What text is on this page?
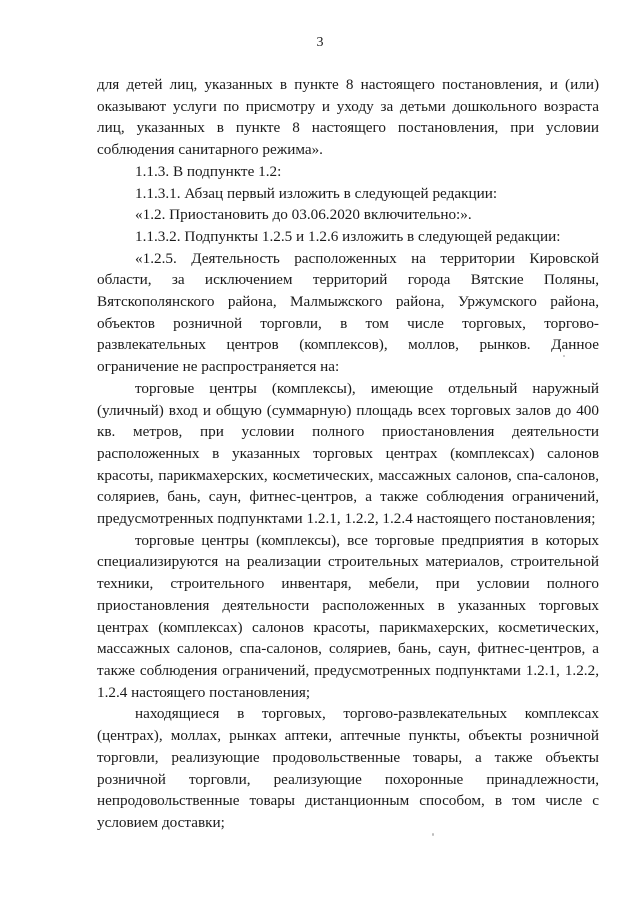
3

для детей лиц, указанных в пункте 8 настоящего постановления, и (или) оказывают услуги по присмотру и уходу за детьми дошкольного возраста лиц, указанных в пункте 8 настоящего постановления, при условии соблюдения санитарного режима».

1.1.3. В подпункте 1.2:

1.1.3.1. Абзац первый изложить в следующей редакции:

«1.2. Приостановить до 03.06.2020 включительно:».

1.1.3.2. Подпункты 1.2.5 и 1.2.6 изложить в следующей редакции:

«1.2.5. Деятельность расположенных на территории Кировской области, за исключением территорий города Вятские Поляны, Вятскополянского района, Малмыжского района, Уржумского района, объектов розничной торговли, в том числе торговых, торгово-развлекательных центров (комплексов), моллов, рынков. Данное ограничение не распространяется на:

торговые центры (комплексы), имеющие отдельный наружный (уличный) вход и общую (суммарную) площадь всех торговых залов до 400 кв. метров, при условии полного приостановления деятельности расположенных в указанных торговых центрах (комплексах) салонов красоты, парикмахерских, косметических, массажных салонов, спа-салонов, соляриев, бань, саун, фитнес-центров, а также соблюдения ограничений, предусмотренных подпунктами 1.2.1, 1.2.2, 1.2.4 настоящего постановления;

торговые центры (комплексы), все торговые предприятия в которых специализируются на реализации строительных материалов, строительной техники, строительного инвентаря, мебели, при условии полного приостановления деятельности расположенных в указанных торговых центрах (комплексах) салонов красоты, парикмахерских, косметических, массажных салонов, спа-салонов, соляриев, бань, саун, фитнес-центров, а также соблюдения ограничений, предусмотренных подпунктами 1.2.1, 1.2.2, 1.2.4 настоящего постановления;

находящиеся в торговых, торгово-развлекательных комплексах (центрах), моллах, рынках аптеки, аптечные пункты, объекты розничной торговли, реализующие продовольственные товары, а также объекты розничной торговли, реализующие похоронные принадлежности, непродовольственные товары дистанционным способом, в том числе с условием доставки;
